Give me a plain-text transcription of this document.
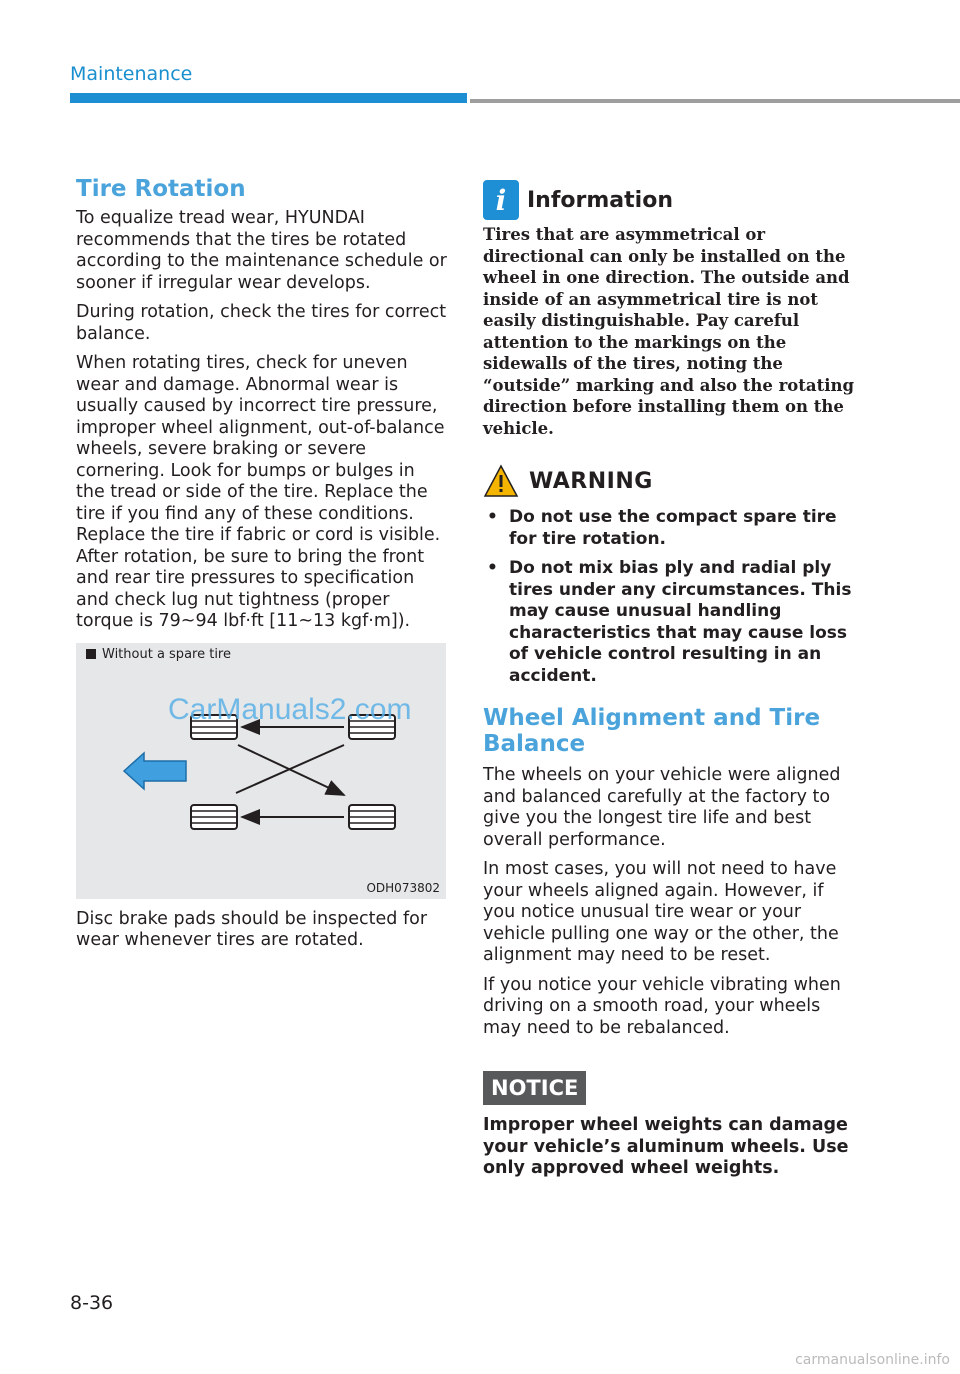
Maintenance
Tire Rotation

To equalize tread wear, HYUNDAI recommends that the tires be rotated according to the maintenance schedule or sooner if irregular wear develops.

During rotation, check the tires for correct balance.

When rotating tires, check for uneven wear and damage. Abnormal wear is usually caused by incorrect tire pressure, improper wheel alignment, out-of-balance wheels, severe braking or severe cornering. Look for bumps or bulges in the tread or side of the tire. Replace the tire if you find any of these conditions. Replace the tire if fabric or cord is visible. After rotation, be sure to bring the front and rear tire pressures to specification and check lug nut tightness (proper torque is 79~94 lbf·ft [11~13 kgf·m]).

CarManuals2.com
Without a spare tire
ODH073802

Disc brake pads should be inspected for wear whenever tires are rotated.

i Information

Tires that are asymmetrical or directional can only be installed on the wheel in one direction. The outside and inside of an asymmetrical tire is not easily distinguishable. Pay careful attention to the markings on the sidewalls of the tires, noting the “outside” marking and also the rotating direction before installing them on the vehicle.

WARNING
• Do not use the compact spare tire for tire rotation.
• Do not mix bias ply and radial ply tires under any circumstances. This may cause unusual handling characteristics that may cause loss of vehicle control resulting in an accident.
Wheel Alignment and Tire Balance

The wheels on your vehicle were aligned and balanced carefully at the factory to give you the longest tire life and best overall performance.

In most cases, you will not need to have your wheels aligned again. However, if you notice unusual tire wear or your vehicle pulling one way or the other, the alignment may need to be reset.

If you notice your vehicle vibrating when driving on a smooth road, your wheels may need to be rebalanced.

NOTICE

Improper wheel weights can damage your vehicle’s aluminum wheels. Use only approved wheel weights.

8-36
carmanualsonline.info
